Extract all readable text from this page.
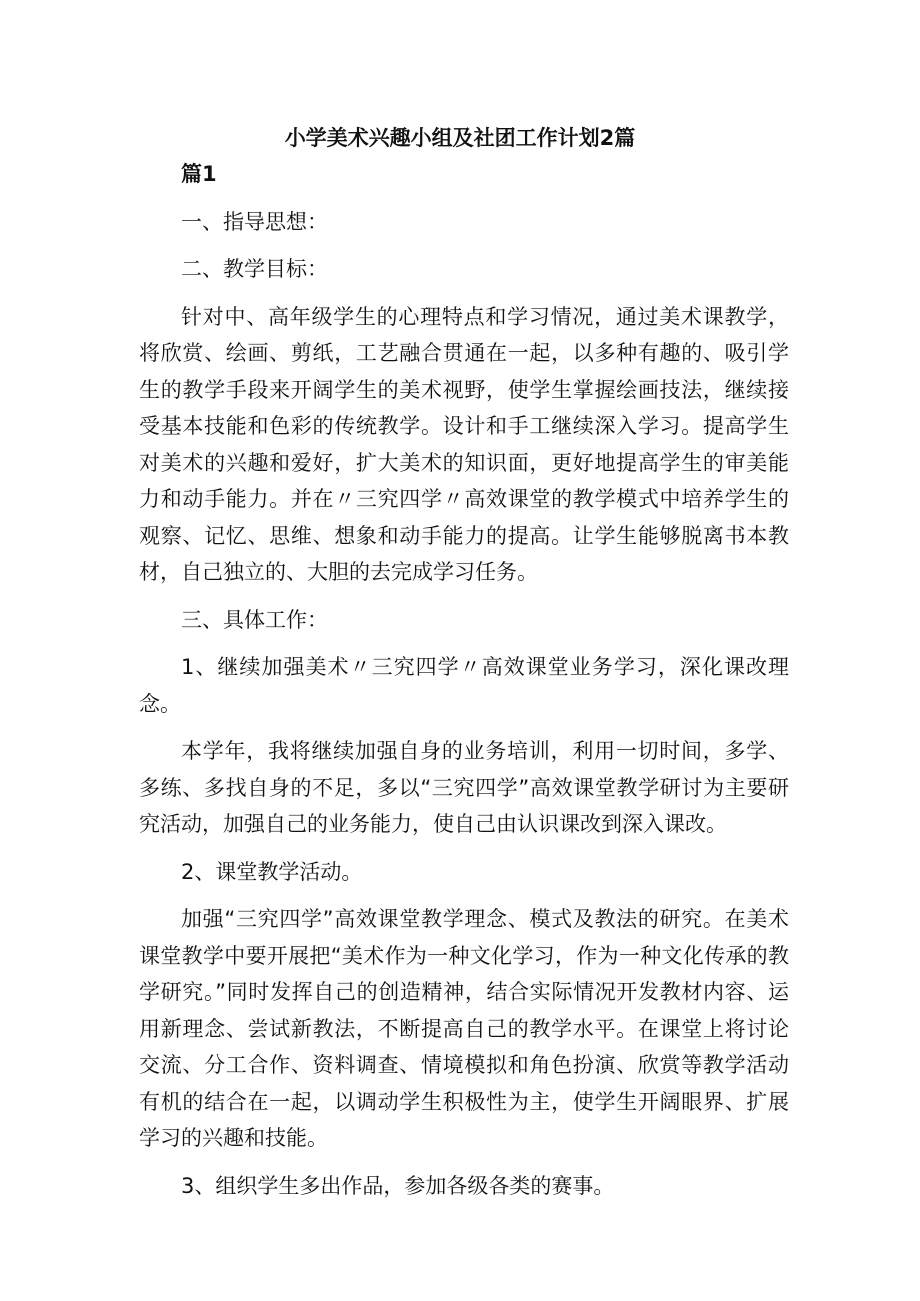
小学美术兴趣小组及社团工作计划2篇

篇1

一、指导思想：

二、教学目标：

针对中、高年级学生的心理特点和学习情况，通过美术课教学，将欣赏、绘画、剪纸，工艺融合贯通在一起，以多种有趣的、吸引学生的教学手段来开阔学生的美术视野，使学生掌握绘画技法，继续接受基本技能和色彩的传统教学。设计和手工继续深入学习。提高学生对美术的兴趣和爱好，扩大美术的知识面，更好地提高学生的审美能力和动手能力。并在〃三究四学〃高效课堂的教学模式中培养学生的观察、记忆、思维、想象和动手能力的提高。让学生能够脱离书本教材，自己独立的、大胆的去完成学习任务。

三、具体工作：

1、继续加强美术〃三究四学〃高效课堂业务学习，深化课改理念。

本学年，我将继续加强自身的业务培训，利用一切时间，多学、多练、多找自身的不足，多以“三究四学”高效课堂教学研讨为主要研究活动，加强自己的业务能力，使自己由认识课改到深入课改。

2、课堂教学活动。

加强“三究四学”高效课堂教学理念、模式及教法的研究。在美术课堂教学中要开展把“美术作为一种文化学习，作为一种文化传承的教学研究。”同时发挥自己的创造精神，结合实际情况开发教材内容、运用新理念、尝试新教法，不断提高自己的教学水平。在课堂上将讨论交流、分工合作、资料调查、情境模拟和角色扮演、欣赏等教学活动有机的结合在一起，以调动学生积极性为主，使学生开阔眼界、扩展学习的兴趣和技能。

3、组织学生多出作品，参加各级各类的赛事。
